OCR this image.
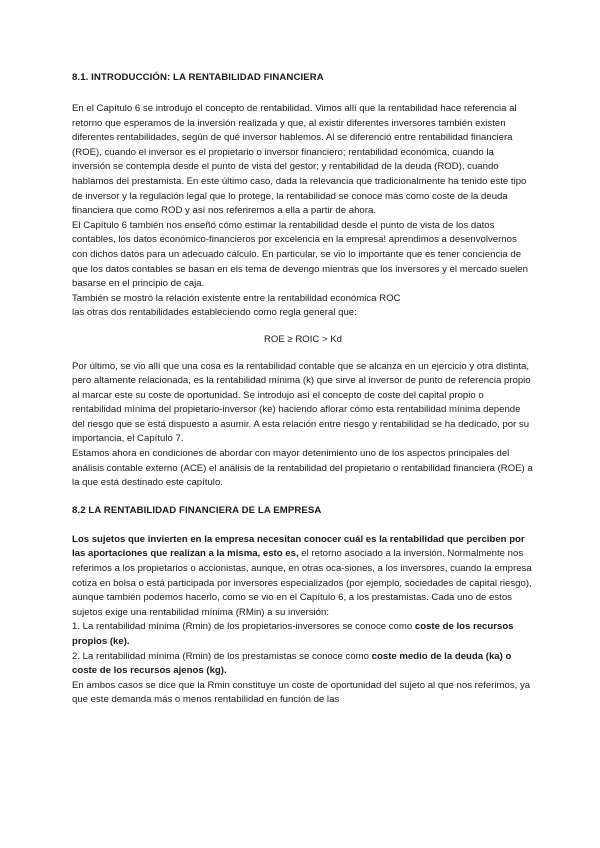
8.1. INTRODUCCIÓN: LA RENTABILIDAD FINANCIERA

En el Capítulo 6 se introdujo el concepto de rentabilidad. Vimos allí que la rentabilidad hace referencia al retorno que esperamos de la inversión realizada y que, al existir diferentes inversores también existen diferentes rentabilidades, según de qué inversor hablemos. Al se diferenció entre rentabilidad financiera (ROE), cuando el inversor es el propietario o inversor financiero; rentabilidad económica, cuando la inversión se contempla desde el punto de vista del gestor; y rentabilidad de la deuda (ROD), cuando hablamos del prestamista. En este último caso, dada la relevancia que tradicionalmente ha tenido este tipo de inversor y la regulación legal que lo protege, la rentabilidad se conoce más como coste de la deuda financiera que como ROD y así nos referiremos a ella a partir de ahora.

El Capítulo 6 también nos enseñó cómo estimar la rentabilidad desde el punto de vista de los datos contables, los datos económico-financieros por excelencia en la empresa! aprendimos a desenvolvernos con dichos datos para un adecuado cálculo. En particular, se vio lo importante que es tener conciencia de que los datos contables se basan en els tema de devengo mientras que los inversores y el mercado suelen basarse en el principio de caja.

También se mostró la relación existente entre la rentabilidad económica ROC

las otras dos rentabilidades estableciendo como regla general que:

ROE ≥ ROIC > Kd

Por último, se vio allí que una cosa es la rentabilidad contable que se alcanza en un ejercicio y otra distinta, pero altamente relacionada, es la rentabilidad mínima (k) que sirve al inversor de punto de referencia propio al marcar este su coste de oportunidad. Se introdujo así el concepto de coste del capital propio o rentabilidad mínima del propietario-inversor (ke) haciendo aflorar cómo esta rentabilidad mínima depende del riesgo que se está dispuesto a asumir. A esta relación entre riesgo y rentabilidad se ha dedicado, por su importancia, el Capítulo 7.

Estamos ahora en condiciones de abordar con mayor detenimiento uno de los aspectos principales del análisis contable externo (ACE) el análisis de la rentabilidad del propietario o rentabilidad financiera (ROE) a la que está destinado este capítulo.

8.2 LA RENTABILIDAD FINANCIERA DE LA EMPRESA

Los sujetos que invierten en la empresa necesitan conocer cuál es la rentabilidad que perciben por las aportaciones que realizan a la misma, esto es, el retorno asociado a la inversión. Normalmente nos referimos a los propietarios o accionistas, aunque, en otras oca-siones, a los inversores, cuando la empresa cotiza en bolsa o está participada por inversores especializados (por ejemplo, sociedades de capital riesgo), aunque también podemos hacerlo, como se vio en el Capítulo 6, a los prestamistas. Cada uno de estos sujetos exige una rentabilidad mínima (RMin) a su inversión:

1. La rentabilidad mínima (Rmin) de los propietarios-inversores se conoce como coste de los recursos propios (ke).

2. La rentabilidad mínima (Rmin) de los prestamistas se conoce como coste medio de la deuda (ka) o coste de los recursos ajenos (kg).

En ambos casos se dice que la Rmin constituye un coste de oportunidad del sujeto al que nos referimos, ya que este demanda más o menos rentabilidad en función de las
